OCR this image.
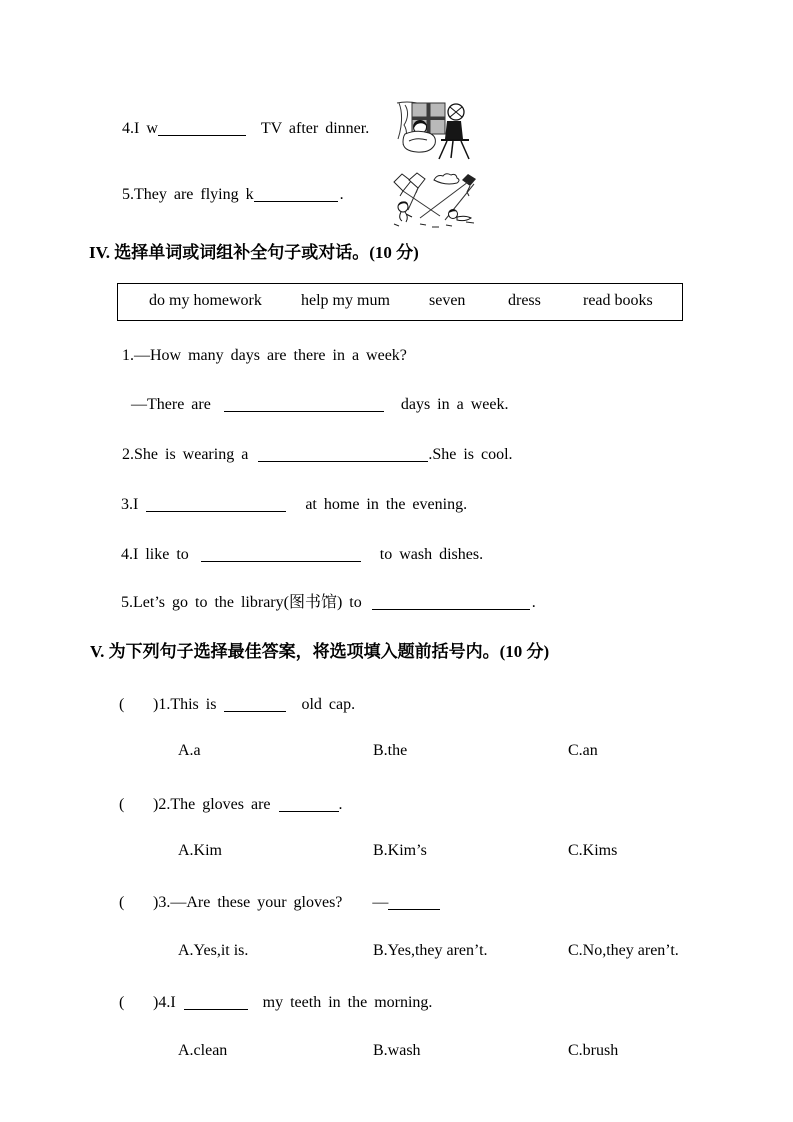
4.I w	TV after dinner.
5.They are flying k	.
IV. 选择单词或词组补全句子或对话。(10 分)
do my homework help my mum seven	dress	read books
1.—How many days are there in a week?
—There are	days in a week.
2.She is wearing a	.She is cool.
3.I	at home in the evening.
4.I like to	to wash dishes.
5.Let’s go to the library(图书馆) to	.
V. 为下列句子选择最佳答案，将选项填入题前括号内。(10 分)
( )1.This is	old cap.
A.a	B.the	C.an
( )2.The gloves are	.
A.Kim	B.Kim’s	C.Kims
( )3.—Are these your gloves? —
A.Yes,it is.	B.Yes,they aren’t.	C.No,they aren’t.
( )4.I	my teeth in the morning.
A.clean	B.wash	C.brush
